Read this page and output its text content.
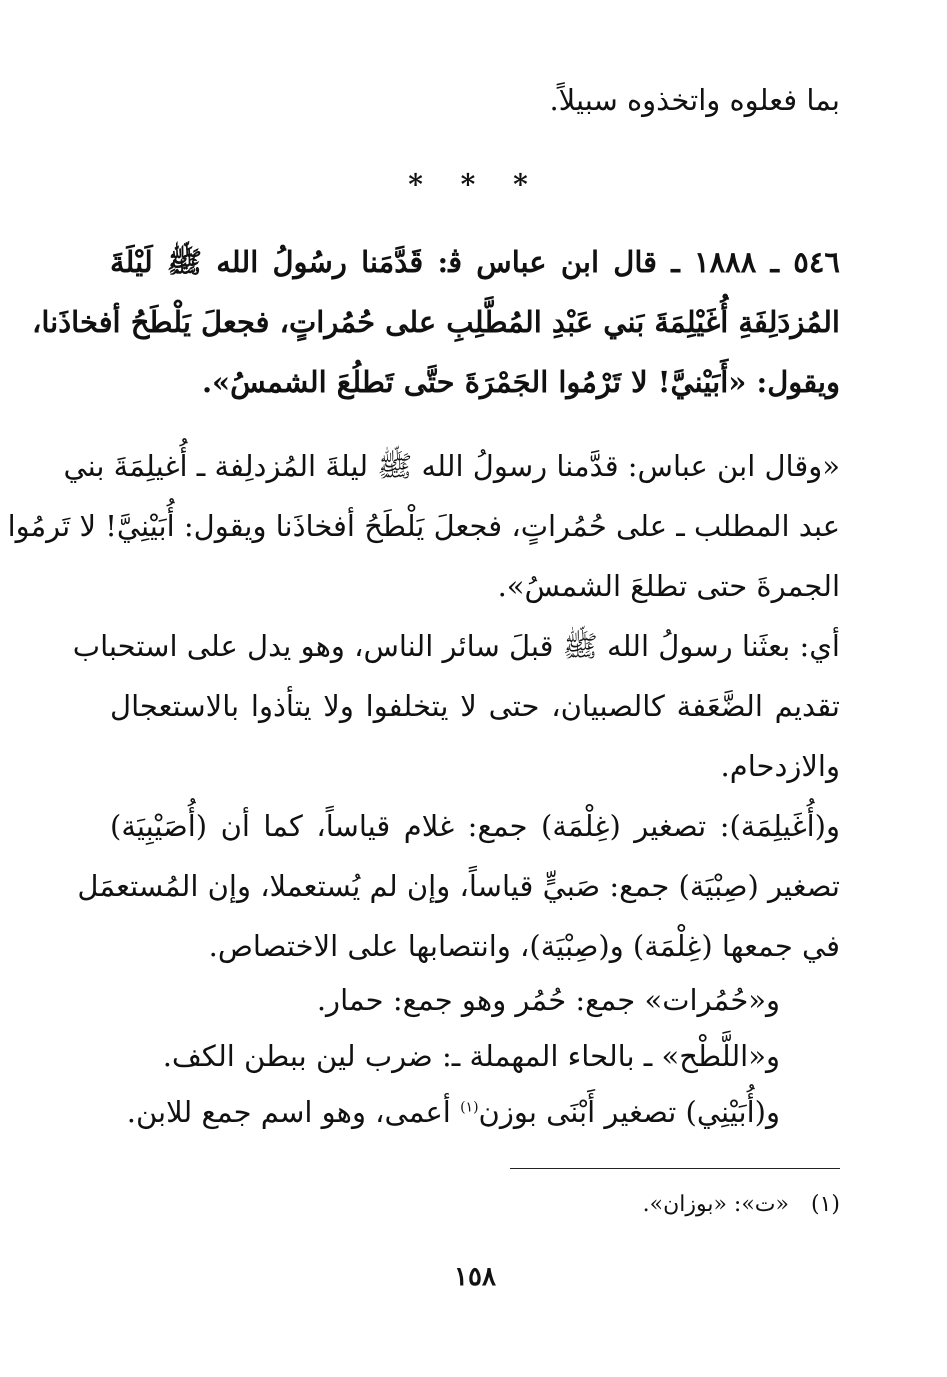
بما فعلوه واتخذوه سبيلاً.
* * *
٥٤٦ ـ ١٨٨٨ ـ قال ابن عباس ﭬ: قَدَّمَنا رسُولُ الله ﷺ لَيْلَةَ
المُزدَلِفَةِ أُغَيْلِمَةَ بَني عَبْدِ المُطَّلِبِ على حُمُراتٍ، فجعلَ يَلْطَحُ أفخاذَنا،
ويقول: «أَبَيْنيَّ! لا تَرْمُوا الجَمْرَةَ حتَّى تَطلُعَ الشمسُ».
«وقال ابن عباس: قدَّمنا رسولُ الله ﷺ ليلةَ المُزدلِفة ـ أُغيلِمَةَ بني
عبد المطلب ـ على حُمُراتٍ، فجعلَ يَلْطَحُ أفخاذَنا ويقول: أُبَيْنِيَّ! لا تَرمُوا
الجمرةَ حتى تطلعَ الشمسُ».
أي: بعثَنا رسولُ الله ﷺ قبلَ سائر الناس، وهو يدل على استحباب
تقديم الضَّعَفة كالصبيان، حتى لا يتخلفوا ولا يتأذوا بالاستعجال
والازدحام.
و(أُغَيلِمَة): تصغير (غِلْمَة) جمع: غلام قياساً، كما أن (أُصَيْبِيَة)
تصغير (صِبْيَة) جمع: صَبيٍّ قياساً، وإن لم يُستعملا، وإن المُستعمَل
في جمعها (غِلْمَة) و(صِبْيَة)، وانتصابها على الاختصاص.
و«حُمُرات» جمع: حُمُر وهو جمع: حمار.
و«اللَّطْح» ـ بالحاء المهملة ـ: ضرب لين ببطن الكف.
و(أُبَيْنِي) تصغير أَبْنَى بوزن$^{(١)}$ أعمى، وهو اسم جمع للابن.
(١)«ت»: «بوزان».
١٥٨
